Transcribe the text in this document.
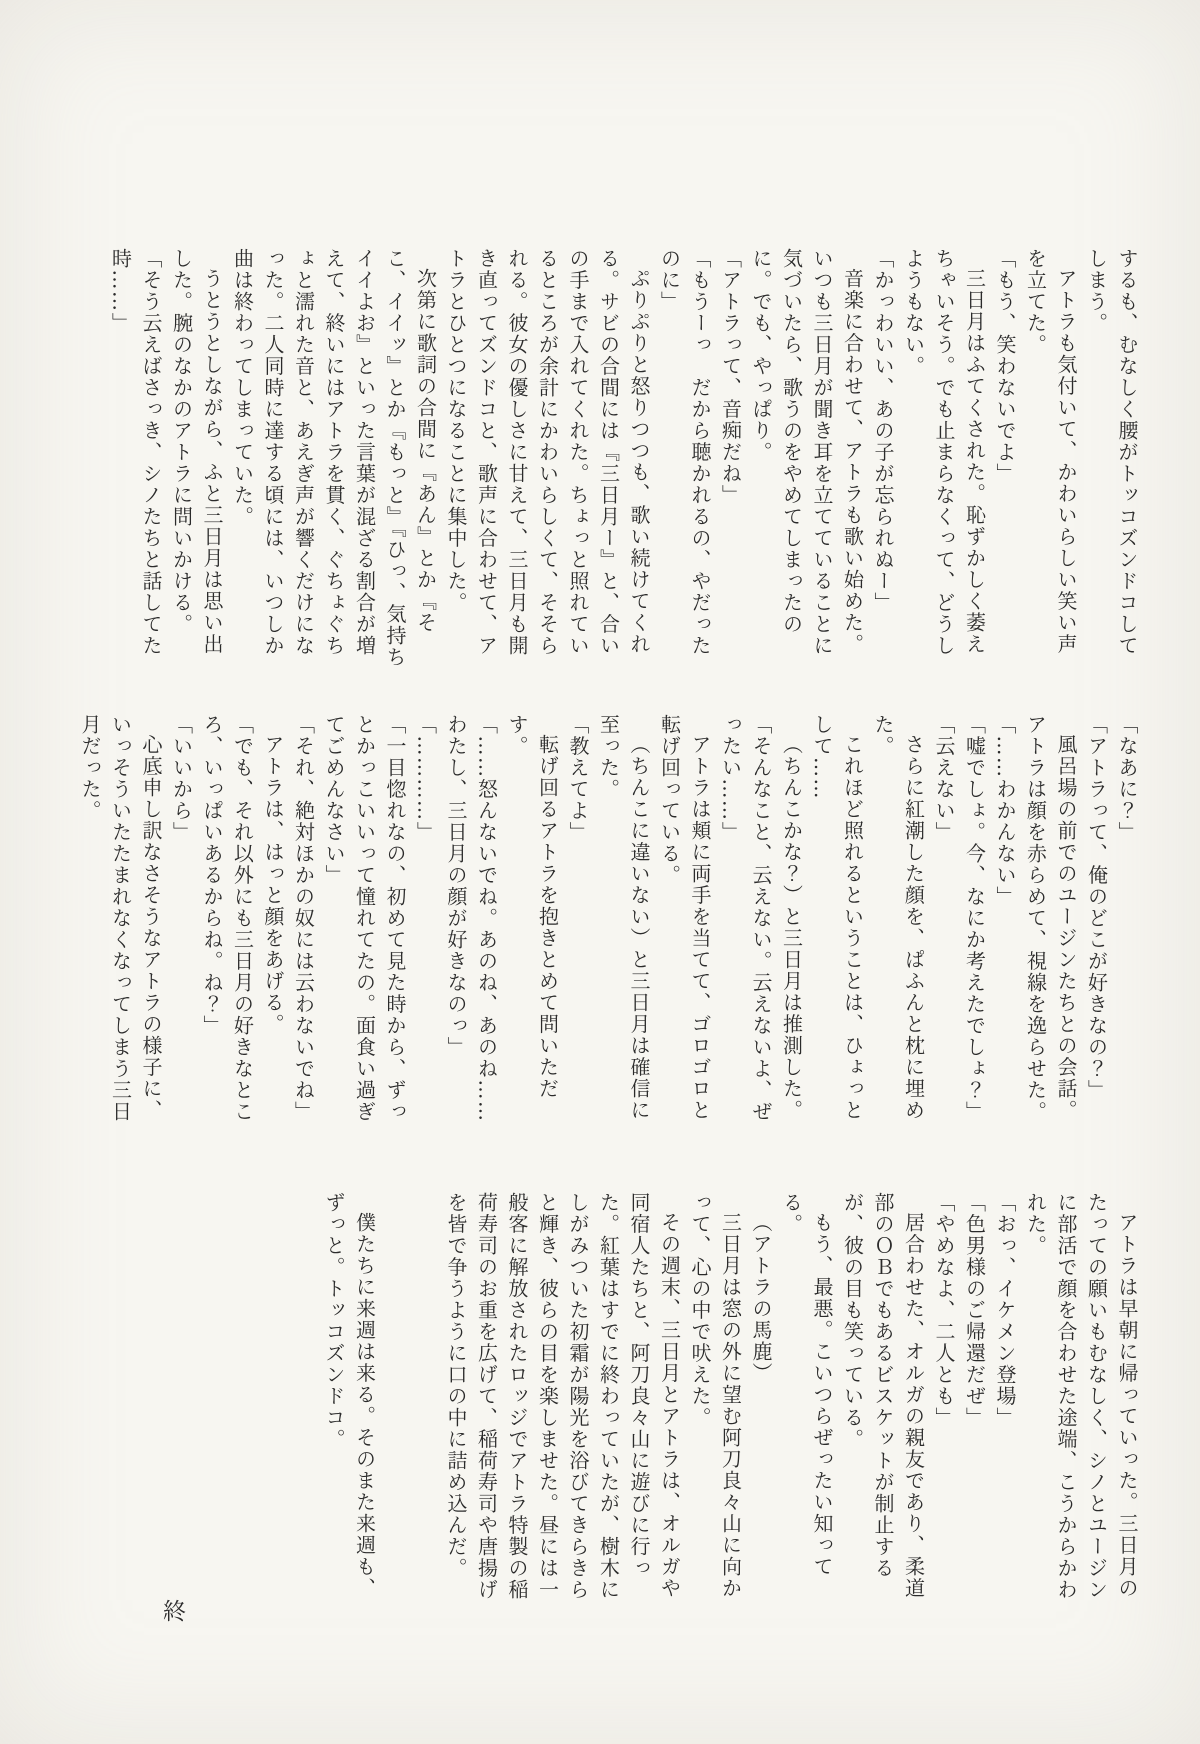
するも、むなしく腰がトッコズンドコしてしまう。

アトラも気付いて、かわいらしい笑い声を立てた。

「もう、笑わないでよ」

三日月はふてくされた。恥ずかしく萎えちゃいそう。でも止まらなくって、どうしようもない。

「かっわいい、あの子が忘られぬー」

音楽に合わせて、アトラも歌い始めた。いつも三日月が聞き耳を立てていることに気づいたら、歌うのをやめてしまったのに。でも、やっぱり。

「アトラって、音痴だね」

「もうーっ　だから聴かれるの、やだったのに」

ぷりぷりと怒りつつも、歌い続けてくれる。サビの合間には『三日月ー』と、合いの手まで入れてくれた。ちょっと照れているところが余計にかわいらしくて、そそられる。彼女の優しさに甘えて、三日月も開き直ってズンドコと、歌声に合わせて、アトラとひとつになることに集中した。

次第に歌詞の合間に『あん』とか『そこ、イイッ』とか『もっと』『ひっ、気持ちイイよお』といった言葉が混ざる割合が増えて、終いにはアトラを貫く、ぐちょぐちょと濡れた音と、あえぎ声が響くだけになった。二人同時に達する頃には、いつしか曲は終わってしまっていた。

うとうとしながら、ふと三日月は思い出した。腕のなかのアトラに問いかける。

「そう云えばさっき、シノたちと話してた時……」

「なあに？」

「アトラって、俺のどこが好きなの？」

風呂場の前でのユージンたちとの会話。アトラは顔を赤らめて、視線を逸らせた。

「……わかんない」

「嘘でしょ。今、なにか考えたでしょ？」

「云えない」

さらに紅潮した顔を、ぱふんと枕に埋めた。

これほど照れるということは、ひょっとして……

（ちんこかな？）と三日月は推測した。

「そんなこと、云えない。云えないよ、ぜったい……」

アトラは頬に両手を当てて、ゴロゴロと転げ回っている。

（ちんこに違いない）と三日月は確信に至った。

「教えてよ」

転げ回るアトラを抱きとめて問いただす。

「……怒んないでね。あのね、あのね……わたし、三日月の顔が好きなのっ」

「…………」

「一目惚れなの、初めて見た時から、ずっとかっこいいって憧れてたの。面食い過ぎてごめんなさい」

「それ、絶対ほかの奴には云わないでね」

アトラは、はっと顔をあげる。

「でも、それ以外にも三日月の好きなところ、いっぱいあるからね。ね？」

「いいから」

心底申し訳なさそうなアトラの様子に、いっそういたたまれなくなってしまう三日月だった。

アトラは早朝に帰っていった。三日月のたっての願いもむなしく、シノとユージンに部活で顔を合わせた途端、こうからかわれた。

「おっ、イケメン登場」

「色男様のご帰還だぜ」

「やめなよ、二人とも」

居合わせた、オルガの親友であり、柔道部のＯＢでもあるビスケットが制止するが、彼の目も笑っている。

もう、最悪。こいつらぜったい知ってる。

（アトラの馬鹿）

三日月は窓の外に望む阿刀良々山に向かって、心の中で吠えた。

その週末、三日月とアトラは、オルガや同宿人たちと、阿刀良々山に遊びに行った。紅葉はすでに終わっていたが、樹木にしがみついた初霜が陽光を浴びてきらきらと輝き、彼らの目を楽しませた。昼には一般客に解放されたロッジでアトラ特製の稲荷寿司のお重を広げて、稲荷寿司や唐揚げを皆で争うように口の中に詰め込んだ。

僕たちに来週は来る。そのまた来週も、ずっと。トッコズンドコ。

終
